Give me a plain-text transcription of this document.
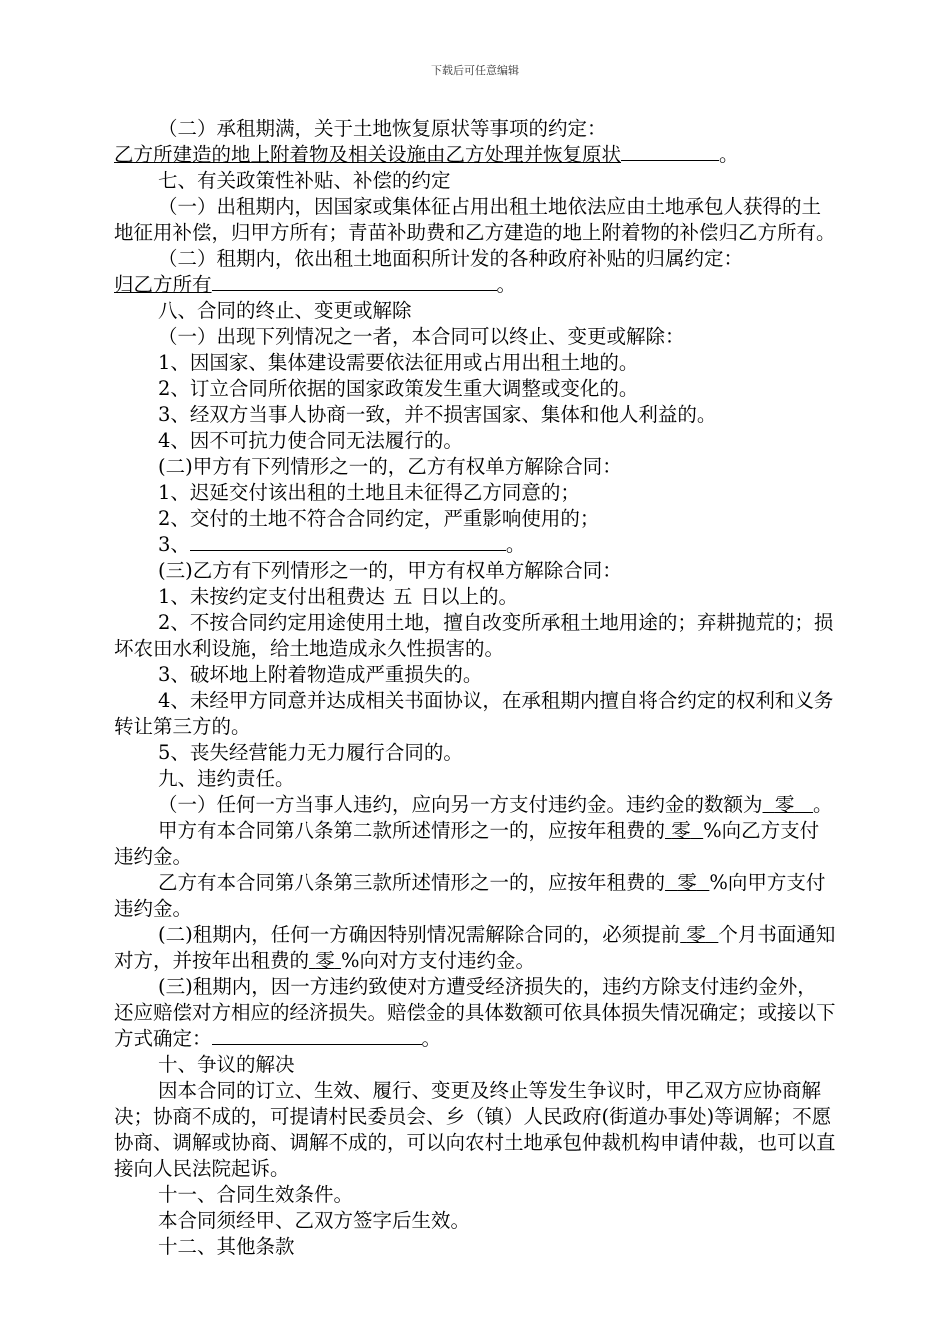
下载后可任意编辑

（二）承租期满，关于土地恢复原状等事项的约定：乙方所建造的地上附着物及相关设施由乙方处理并恢复原状	。

七、有关政策性补贴、补偿的约定

（一）出租期内，因国家或集体征占用出租土地依法应由土地承包人获得的土地征用补偿，归甲方所有；青苗补助费和乙方建造的地上附着物的补偿归乙方所有。

（二）租期内，依出租土地面积所计发的各种政府补贴的归属约定：归乙方所有	。

八、合同的终止、变更或解除

（一）出现下列情况之一者，本合同可以终止、变更或解除：

1、因国家、集体建设需要依法征用或占用出租土地的。

2、订立合同所依据的国家政策发生重大调整或变化的。

3、经双方当事人协商一致，并不损害国家、集体和他人利益的。

4、因不可抗力使合同无法履行的。

(二)甲方有下列情形之一的，乙方有权单方解除合同：

1、迟延交付该出租的土地且未征得乙方同意的；

2、交付的土地不符合合同约定，严重影响使用的；

3、	。

(三)乙方有下列情形之一的，甲方有权单方解除合同：

1、未按约定支付出租费达 五 日以上的。

2、不按合同约定用途使用土地，擅自改变所承租土地用途的；弃耕抛荒的；损坏农田水利设施，给土地造成永久性损害的。

3、破坏地上附着物造成严重损失的。

4、未经甲方同意并达成相关书面协议，在承租期内擅自将合约定的权利和义务转让第三方的。

5、丧失经营能力无力履行合同的。

九、违约责任。

（一）任何一方当事人违约，应向另一方支付违约金。违约金的数额为 零 。

甲方有本合同第八条第二款所述情形之一的，应按年租费的 零 %向乙方支付违约金。

乙方有本合同第八条第三款所述情形之一的，应按年租费的 零 %向甲方支付违约金。

(二)租期内，任何一方确因特别情况需解除合同的，必须提前 零 个月书面通知对方，并按年出租费的 零 %向对方支付违约金。

(三)租期内，因一方违约致使对方遭受经济损失的，违约方除支付违约金外，还应赔偿对方相应的经济损失。赔偿金的具体数额可依具体损失情况确定；或接以下方式确定：	。

十、争议的解决

因本合同的订立、生效、履行、变更及终止等发生争议时，甲乙双方应协商解决；协商不成的，可提请村民委员会、乡（镇）人民政府(街道办事处)等调解；不愿协商、调解或协商、调解不成的，可以向农村土地承包仲裁机构申请仲裁，也可以直接向人民法院起诉。

十一、合同生效条件。

本合同须经甲、乙双方签字后生效。

十二、其他条款
